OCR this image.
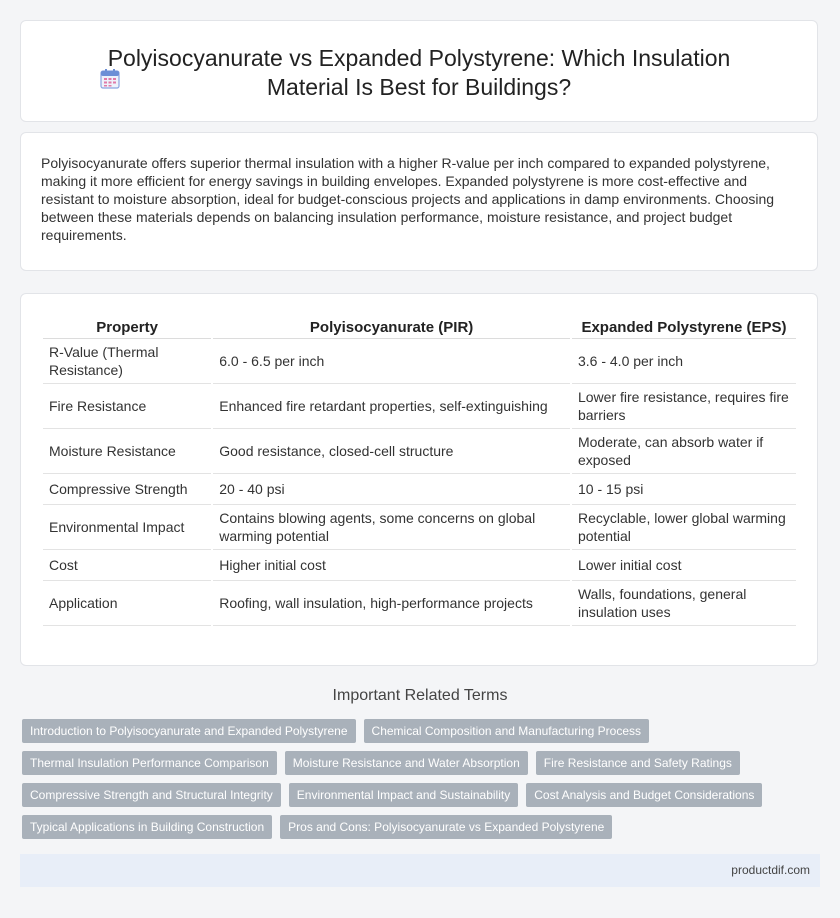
Polyisocyanurate vs Expanded Polystyrene: Which Insulation Material Is Best for Buildings?

Polyisocyanurate offers superior thermal insulation with a higher R-value per inch compared to expanded polystyrene, making it more efficient for energy savings in building envelopes. Expanded polystyrene is more cost-effective and resistant to moisture absorption, ideal for budget-conscious projects and applications in damp environments. Choosing between these materials depends on balancing insulation performance, moisture resistance, and project budget requirements.

Property	Polyisocyanurate (PIR)	Expanded Polystyrene (EPS)
R-Value (Thermal Resistance)	6.0 - 6.5 per inch	3.6 - 4.0 per inch
Fire Resistance	Enhanced fire retardant properties, self-extinguishing	Lower fire resistance, requires fire barriers
Moisture Resistance	Good resistance, closed-cell structure	Moderate, can absorb water if exposed
Compressive Strength	20 - 40 psi	10 - 15 psi
Environmental Impact	Contains blowing agents, some concerns on global warming potential	Recyclable, lower global warming potential
Cost	Higher initial cost	Lower initial cost
Application	Roofing, wall insulation, high-performance projects	Walls, foundations, general insulation uses
Important Related Terms
Introduction to Polyisocyanurate and Expanded Polystyrene	Chemical Composition and Manufacturing Process
Thermal Insulation Performance Comparison	Moisture Resistance and Water Absorption	Fire Resistance and Safety Ratings
Compressive Strength and Structural Integrity	Environmental Impact and Sustainability	Cost Analysis and Budget Considerations
Typical Applications in Building Construction	Pros and Cons: Polyisocyanurate vs Expanded Polystyrene
productdif.com
